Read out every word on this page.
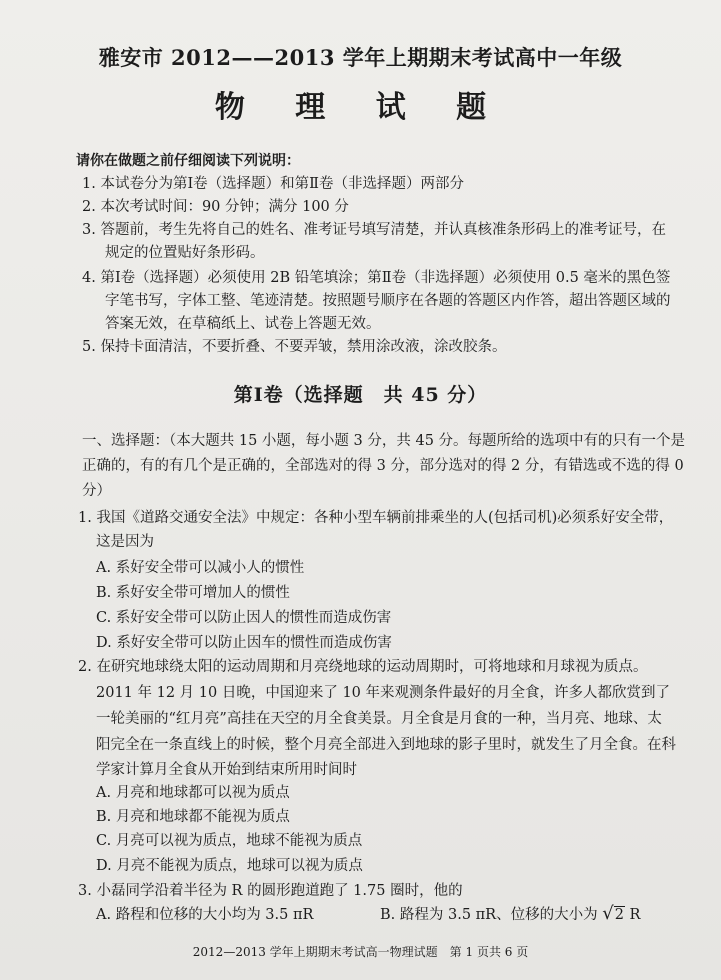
雅安市 2012——2013 学年上期期末考试高中一年级
物 理 试 题
请你在做题之前仔细阅读下列说明：
1. 本试卷分为第Ⅰ卷（选择题）和第Ⅱ卷（非选择题）两部分
2. 本次考试时间：90 分钟；满分 100 分
3. 答题前，考生先将自己的姓名、准考证号填写清楚，并认真核准条形码上的准考证号，在
规定的位置贴好条形码。
4. 第Ⅰ卷（选择题）必须使用 2B 铅笔填涂；第Ⅱ卷（非选择题）必须使用 0.5 毫米的黑色签
字笔书写，字体工整、笔迹清楚。按照题号顺序在各题的答题区内作答，超出答题区域的
答案无效，在草稿纸上、试卷上答题无效。
5. 保持卡面清洁，不要折叠、不要弄皱，禁用涂改液，涂改胶条。
第Ⅰ卷（选择题　共 45 分）
一、选择题：（本大题共 15 小题，每小题 3 分，共 45 分。每题所给的选项中有的只有一个是
正确的，有的有几个是正确的，全部选对的得 3 分，部分选对的得 2 分，有错选或不选的得 0
分）
1. 我国《道路交通安全法》中规定：各种小型车辆前排乘坐的人(包括司机)必须系好安全带，
这是因为
A. 系好安全带可以减小人的惯性
B. 系好安全带可增加人的惯性
C. 系好安全带可以防止因人的惯性而造成伤害
D. 系好安全带可以防止因车的惯性而造成伤害
2. 在研究地球绕太阳的运动周期和月亮绕地球的运动周期时，可将地球和月球视为质点。
2011 年 12 月 10 日晚，中国迎来了 10 年来观测条件最好的月全食，许多人都欣赏到了
一轮美丽的“红月亮”高挂在天空的月全食美景。月全食是月食的一种，当月亮、地球、太
阳完全在一条直线上的时候，整个月亮全部进入到地球的影子里时，就发生了月全食。在科
学家计算月全食从开始到结束所用时间时
A. 月亮和地球都可以视为质点
B. 月亮和地球都不能视为质点
C. 月亮可以视为质点，地球不能视为质点
D. 月亮不能视为质点，地球可以视为质点
3. 小磊同学沿着半径为 R 的圆形跑道跑了 1.75 圈时，他的
A. 路程和位移的大小均为 3.5 πR	B. 路程为 3.5 πR、位移的大小为 √2 R
2012—2013 学年上期期末考试高一物理试题　第 1 页共 6 页
